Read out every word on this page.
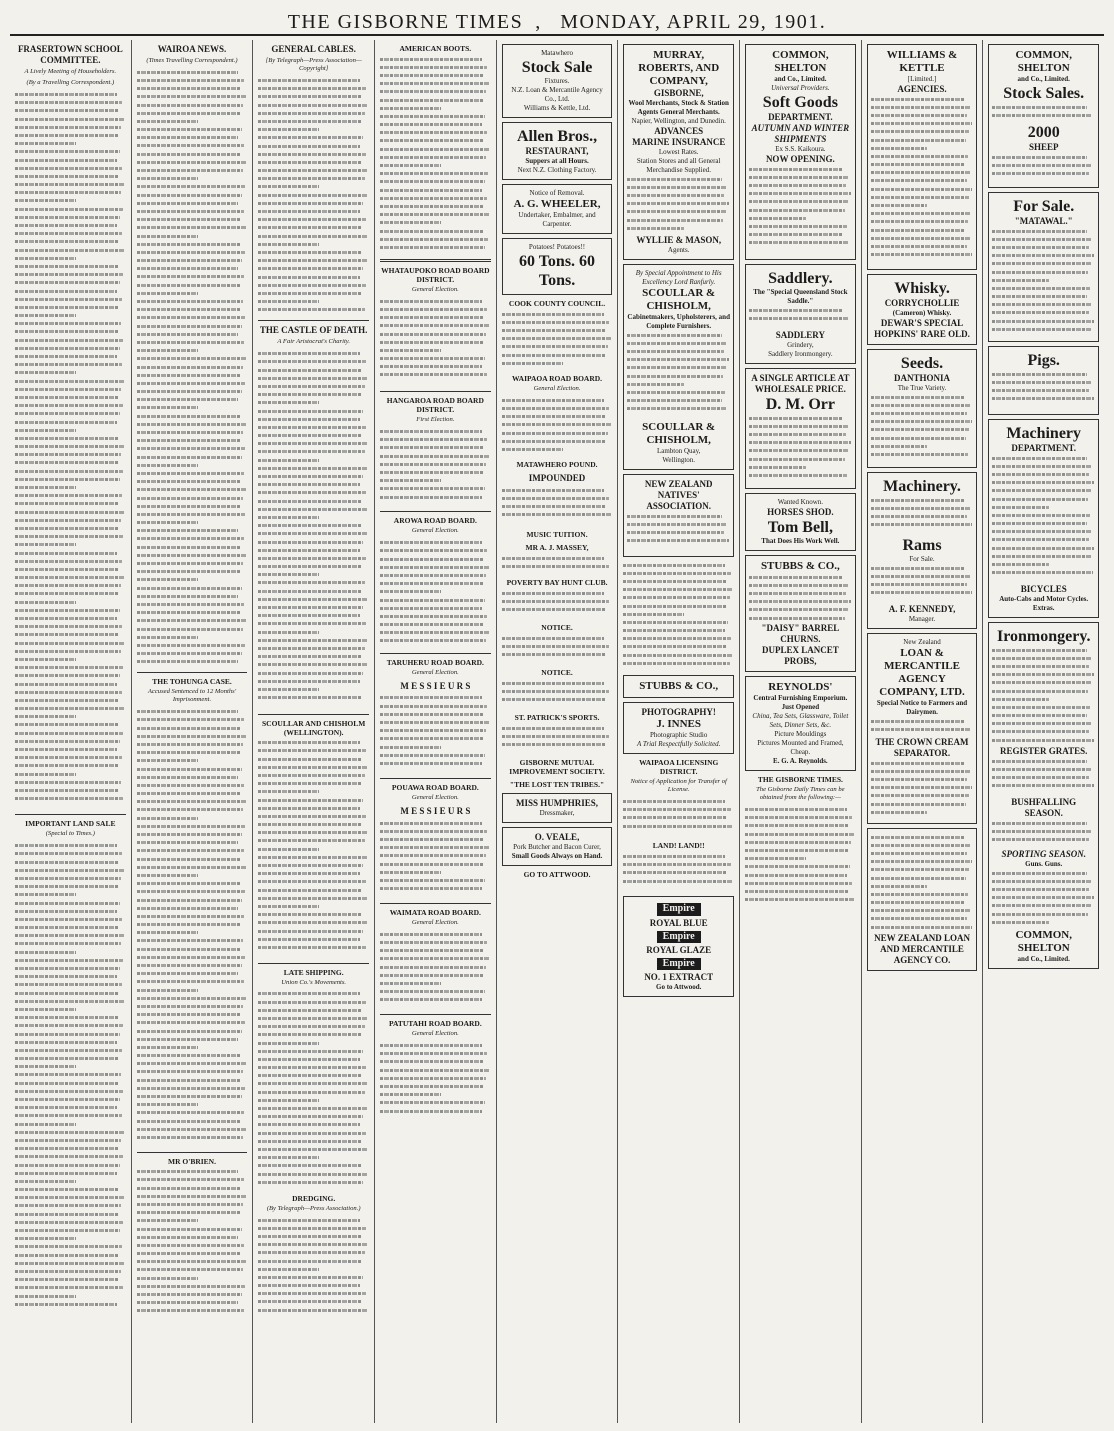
THE GISBORNE TIMES , MONDAY, APRIL 29, 1901.
FRASERTOWN SCHOOL COMMITTEE.
A Lively Meeting of Householders.
(By a Travelling Correspondent.)
IMPORTANT LAND SALE
(Special to Times.)
WAIROA NEWS.
(Times Travelling Correspondent.)
THE TOHUNGA CASE.
Accused Sentenced to 12 Months' Imprisonment.
MR O'BRIEN.
GENERAL CABLES.
[By Telegraph—Press Association—Copyright]
THE CASTLE OF DEATH.
A Fair Aristocrat's Charity.
SCOULLAR AND CHISHOLM (WELLINGTON).
LATE SHIPPING.
Union Co.'s Movements.
DREDGING.
(By Telegraph—Press Association.)
AMERICAN BOOTS.
WHATAUPOKO ROAD BOARD DISTRICT.
General Election.
HANGAROA ROAD BOARD DISTRICT.
First Election.
AROWA ROAD BOARD.
General Election.
TARUHERU ROAD BOARD.
General Election.
M E S S I E U R S
POUAWA ROAD BOARD.
General Election.
M E S S I E U R S
WAIMATA ROAD BOARD.
General Election.
PATUTAHI ROAD BOARD.
General Election.
Matawhero
Stock Sale
Fixtures.
N.Z. Loan & Mercantile Agency Co., Ltd.
Williams & Kettle, Ltd.
Allen Bros.,
RESTAURANT,
Suppers at all Hours.
Next N.Z. Clothing Factory.
Notice of Removal.
A. G. WHEELER,
Undertaker, Embalmer, and Carpenter.
Potatoes! Potatoes!!
60 Tons. 60 Tons.
COOK COUNTY COUNCIL.
WAIPAOA ROAD BOARD.
General Election.
MATAWHERO POUND.
IMPOUNDED
MUSIC TUITION.
MR A. J. MASSEY,
POVERTY BAY HUNT CLUB.
NOTICE.
NOTICE.
ST. PATRICK'S SPORTS.
GISBORNE MUTUAL IMPROVEMENT SOCIETY.
"THE LOST TEN TRIBES."
MISS HUMPHRIES,
Dressmaker,
O. VEALE,
Pork Butcher and Bacon Curer,
Small Goods Always on Hand.
GO TO ATTWOOD.
MURRAY, ROBERTS, AND COMPANY,
GISBORNE,
Wool Merchants, Stock & Station Agents General Merchants.
Napier, Wellington, and Dunedin.
ADVANCES
MARINE INSURANCE
Lowest Rates.
Station Stores and all General Merchandise Supplied.
WYLLIE & MASON,
Agents.
By Special Appointment to His Excellency Lord Ranfurly.
SCOULLAR & CHISHOLM,
Cabinetmakers, Upholsterers, and Complete Furnishers.
SCOULLAR & CHISHOLM,
Lambton Quay,
Wellington.
NEW ZEALAND NATIVES' ASSOCIATION.
STUBBS & CO.,
PHOTOGRAPHY!
J. INNES
Photographic Studio
A Trial Respectfully Solicited.
WAIPAOA LICENSING DISTRICT.
Notice of Application for Transfer of License.
LAND! LAND!!
Empire
ROYAL BLUE
Empire
ROYAL GLAZE
Empire
NO. 1 EXTRACT
Go to Attwood.
COMMON, SHELTON
and Co., Limited.
Universal Providers.
Soft Goods
DEPARTMENT.
AUTUMN AND WINTER SHIPMENTS
Ex S.S. Kaikoura.
NOW OPENING.
Saddlery.
The "Special Queensland Stock Saddle."
SADDLERY
Grindery,
Saddlery Ironmongery.
A SINGLE ARTICLE AT WHOLESALE PRICE.
D. M. Orr
Wanted Known.
HORSES SHOD.
Tom Bell,
That Does His Work Well.
STUBBS & CO.,
"DAISY" BARREL CHURNS.
DUPLEX LANCET PROBS,
REYNOLDS'
Central Furnishing Emporium.
Just Opened
China, Tea Sets, Glassware, Toilet Sets, Dinner Sets, &c.
Picture Mouldings
Pictures Mounted and Framed, Cheap.
E. G. A. Reynolds.
THE GISBORNE TIMES.
The Gisborne Daily Times can be obtained from the following:—
WILLIAMS & KETTLE
[Limited.]
AGENCIES.
Whisky.
CORRYCHOLLIE
(Cameron) Whisky.
DEWAR'S SPECIAL
HOPKINS' RARE OLD.
Seeds.
DANTHONIA
The True Variety.
Machinery.
Rams
For Sale.
A. F. KENNEDY,
Manager.
New Zealand
LOAN & MERCANTILE AGENCY COMPANY, LTD.
Special Notice to Farmers and Dairymen.
THE CROWN CREAM SEPARATOR.
NEW ZEALAND LOAN AND MERCANTILE AGENCY CO.
COMMON, SHELTON
and Co., Limited.
Stock Sales.
2000
SHEEP
For Sale.
"MATAWAL."
Pigs.
Machinery
DEPARTMENT.
BICYCLES
Auto-Cabs and Motor Cycles.
Extras.
Ironmongery.
REGISTER GRATES.
BUSHFALLING SEASON.
SPORTING SEASON.
Guns. Guns.
COMMON, SHELTON
and Co., Limited.
